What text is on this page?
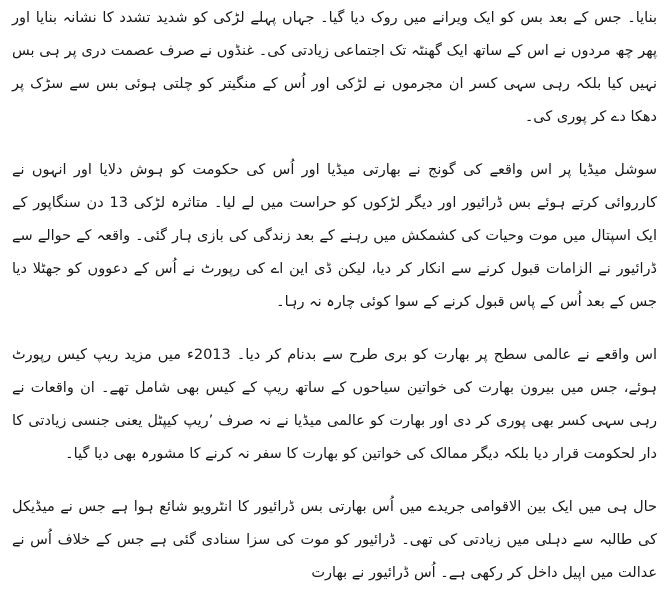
بنایا۔ جس کے بعد بس کو ایک ویرانے میں روک دیا گیا۔ جہاں پہلے لڑکی کو شدید تشدد کا نشانہ بنایا اور پھر چھ مردوں نے اس کے ساتھ ایک گھنٹہ تک اجتماعی زیادتی کی۔ غنڈوں نے صرف عصمت دری پر ہی بس نہیں کیا بلکہ رہی سہی کسر ان مجرموں نے لڑکی اور اُس کے منگیتر کو چلتی ہوئی بس سے سڑک پر دھکا دے کر پوری کی۔

سوشل میڈیا پر اس واقعے کی گونج نے بھارتی میڈیا اور اُس کی حکومت کو ہوش دلایا اور انہوں نے کارروائی کرتے ہوئے بس ڈرائیور اور دیگر لڑکوں کو حراست میں لے لیا۔ متاثرہ لڑکی 13 دن سنگاپور کے ایک اسپتال میں موت وحیات کی کشمکش میں رہنے کے بعد زندگی کی بازی ہار گئی۔ واقعہ کے حوالے سے ڈرائیور نے الزامات قبول کرنے سے انکار کر دیا، لیکن ڈی این اے کی رپورٹ نے اُس کے دعووں کو جھٹلا دیا جس کے بعد اُس کے پاس قبول کرنے کے سوا کوئی چارہ نہ رہا۔

اس واقعے نے عالمی سطح پر بھارت کو بری طرح سے بدنام کر دیا۔ 2013ء میں مزید ریپ کیس رپورٹ ہوئے، جس میں بیرون بھارت کی خواتین سیاحوں کے ساتھ ریپ کے کیس بھی شامل تھے۔ ان واقعات نے رہی سہی کسر بھی پوری کر دی اور بھارت کو عالمی میڈیا نے نہ صرف ’ریپ کیپٹل یعنی جنسی زیادتی کا دار لحکومت قرار دیا بلکہ دیگر ممالک کی خواتین کو بھارت کا سفر نہ کرنے کا مشورہ بھی دیا گیا۔

حال ہی میں ایک بین الاقوامی جریدے میں اُس بھارتی بس ڈرائیور کا انٹرویو شائع ہوا ہے جس نے میڈیکل کی طالبہ سے دہلی میں زیادتی کی تھی۔ ڈرائیور کو موت کی سزا سنادی گئی ہے جس کے خلاف اُس نے عدالت میں اپیل داخل کر رکھی ہے۔ اُس ڈرائیور نے بھارت
